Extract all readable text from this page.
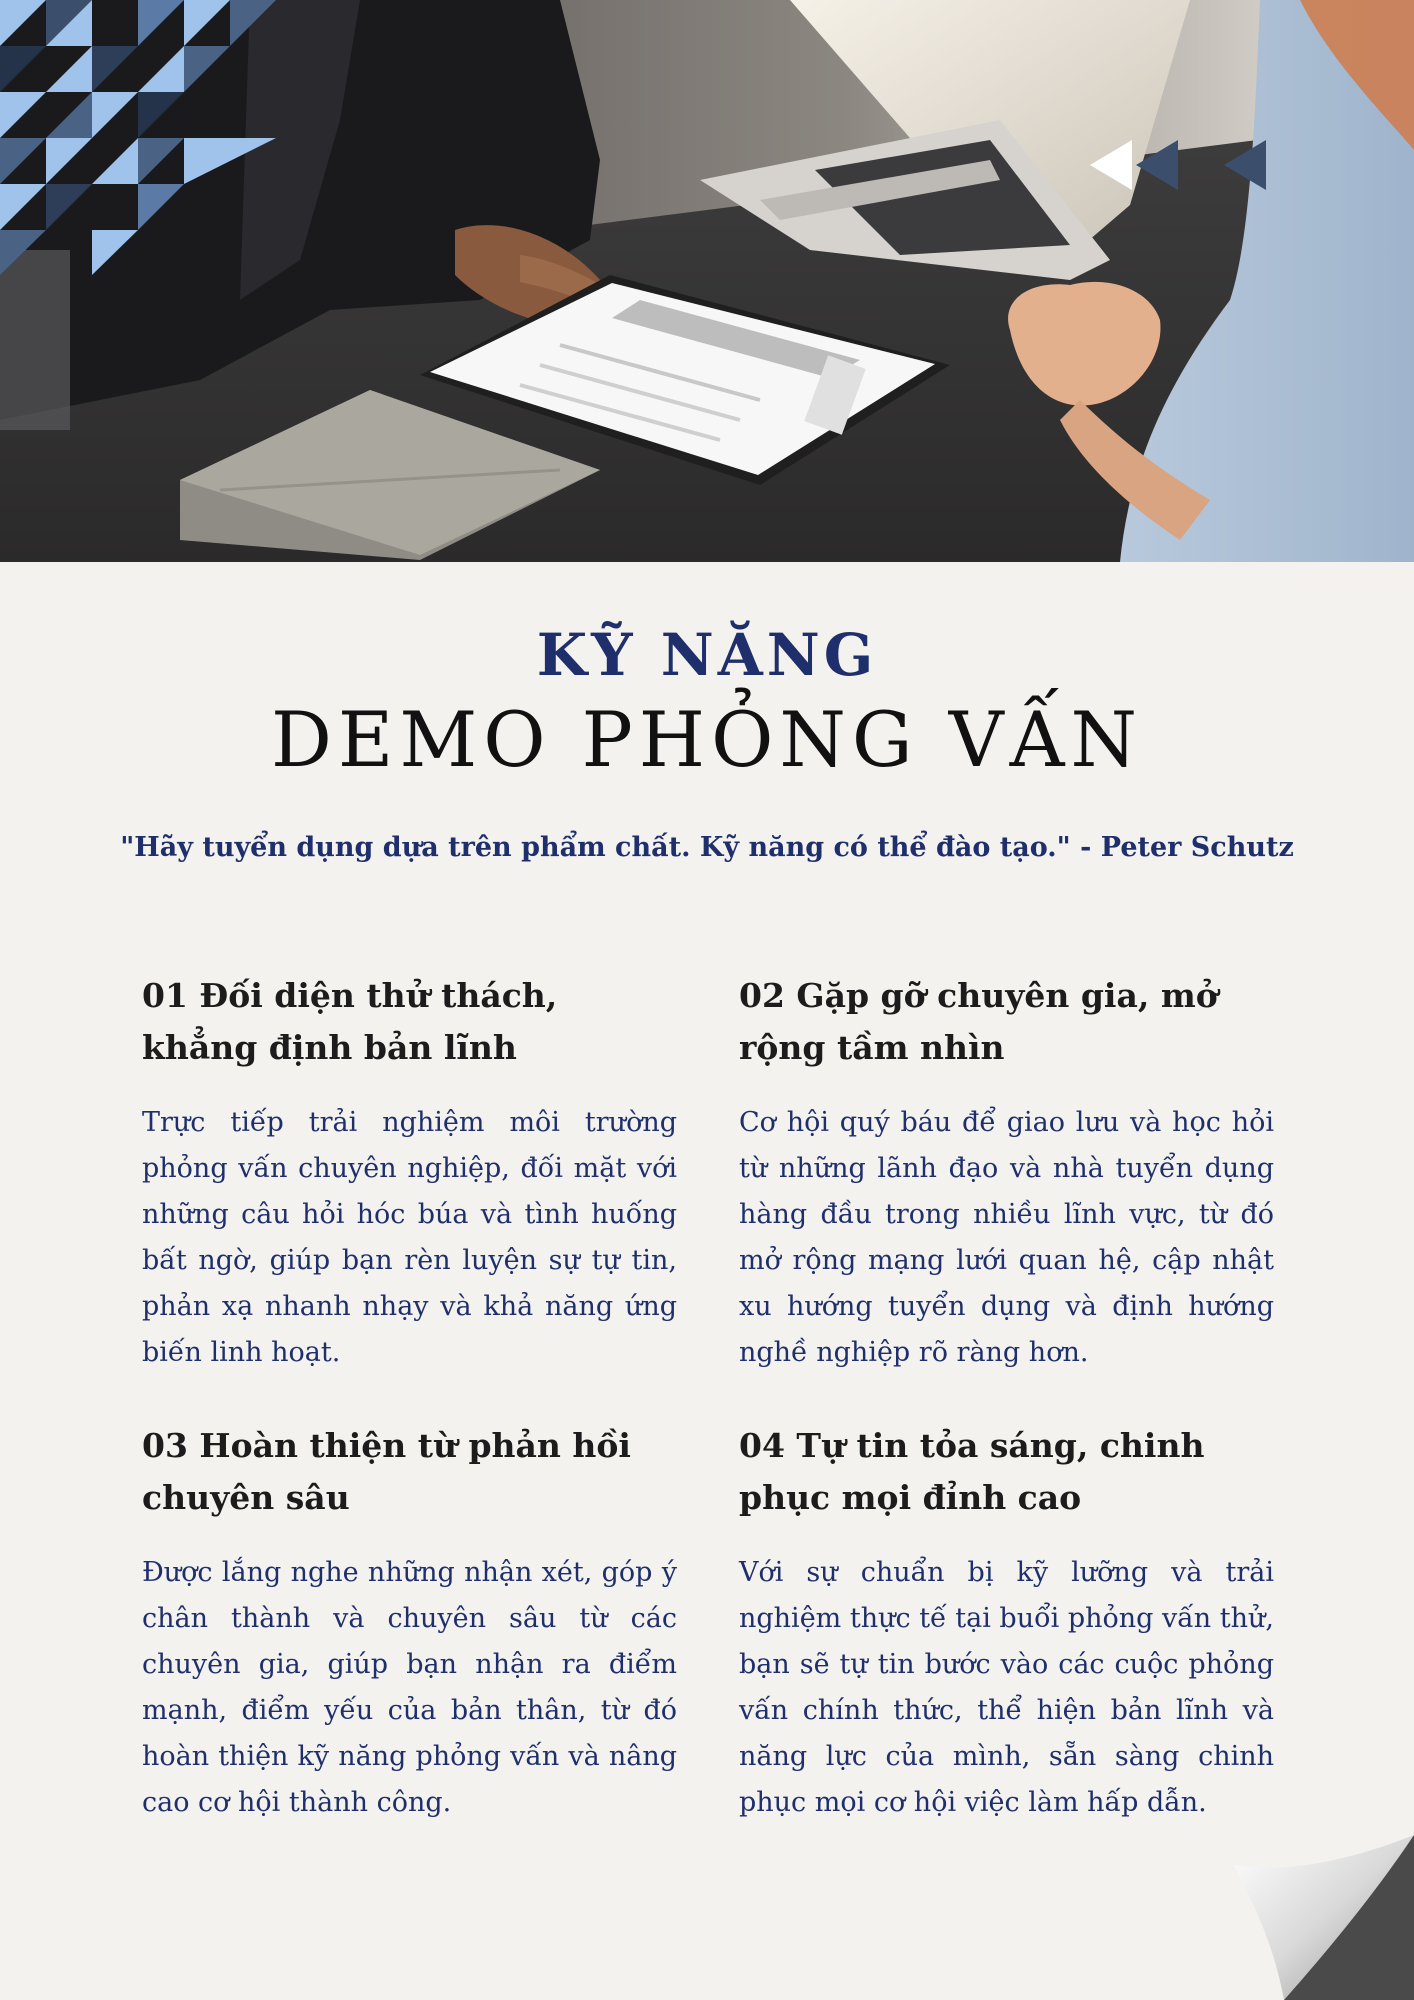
KỸ NĂNG
DEMO PHỎNG VẤN
"Hãy tuyển dụng dựa trên phẩm chất. Kỹ năng có thể đào tạo." - Peter Schutz
01 Đối diện thử thách, khẳng định bản lĩnh

Trực tiếp trải nghiệm môi trường phỏng vấn chuyên nghiệp, đối mặt với những câu hỏi hóc búa và tình huống bất ngờ, giúp bạn rèn luyện sự tự tin, phản xạ nhanh nhạy và khả năng ứng biến linh hoạt.

02 Gặp gỡ chuyên gia, mở rộng tầm nhìn

Cơ hội quý báu để giao lưu và học hỏi từ những lãnh đạo và nhà tuyển dụng hàng đầu trong nhiều lĩnh vực, từ đó mở rộng mạng lưới quan hệ, cập nhật xu hướng tuyển dụng và định hướng nghề nghiệp rõ ràng hơn.

03 Hoàn thiện từ phản hồi chuyên sâu

Được lắng nghe những nhận xét, góp ý chân thành và chuyên sâu từ các chuyên gia, giúp bạn nhận ra điểm mạnh, điểm yếu của bản thân, từ đó hoàn thiện kỹ năng phỏng vấn và nâng cao cơ hội thành công.

04 Tự tin tỏa sáng, chinh phục mọi đỉnh cao

Với sự chuẩn bị kỹ lưỡng và trải nghiệm thực tế tại buổi phỏng vấn thử, bạn sẽ tự tin bước vào các cuộc phỏng vấn chính thức, thể hiện bản lĩnh và năng lực của mình, sẵn sàng chinh phục mọi cơ hội việc làm hấp dẫn.
